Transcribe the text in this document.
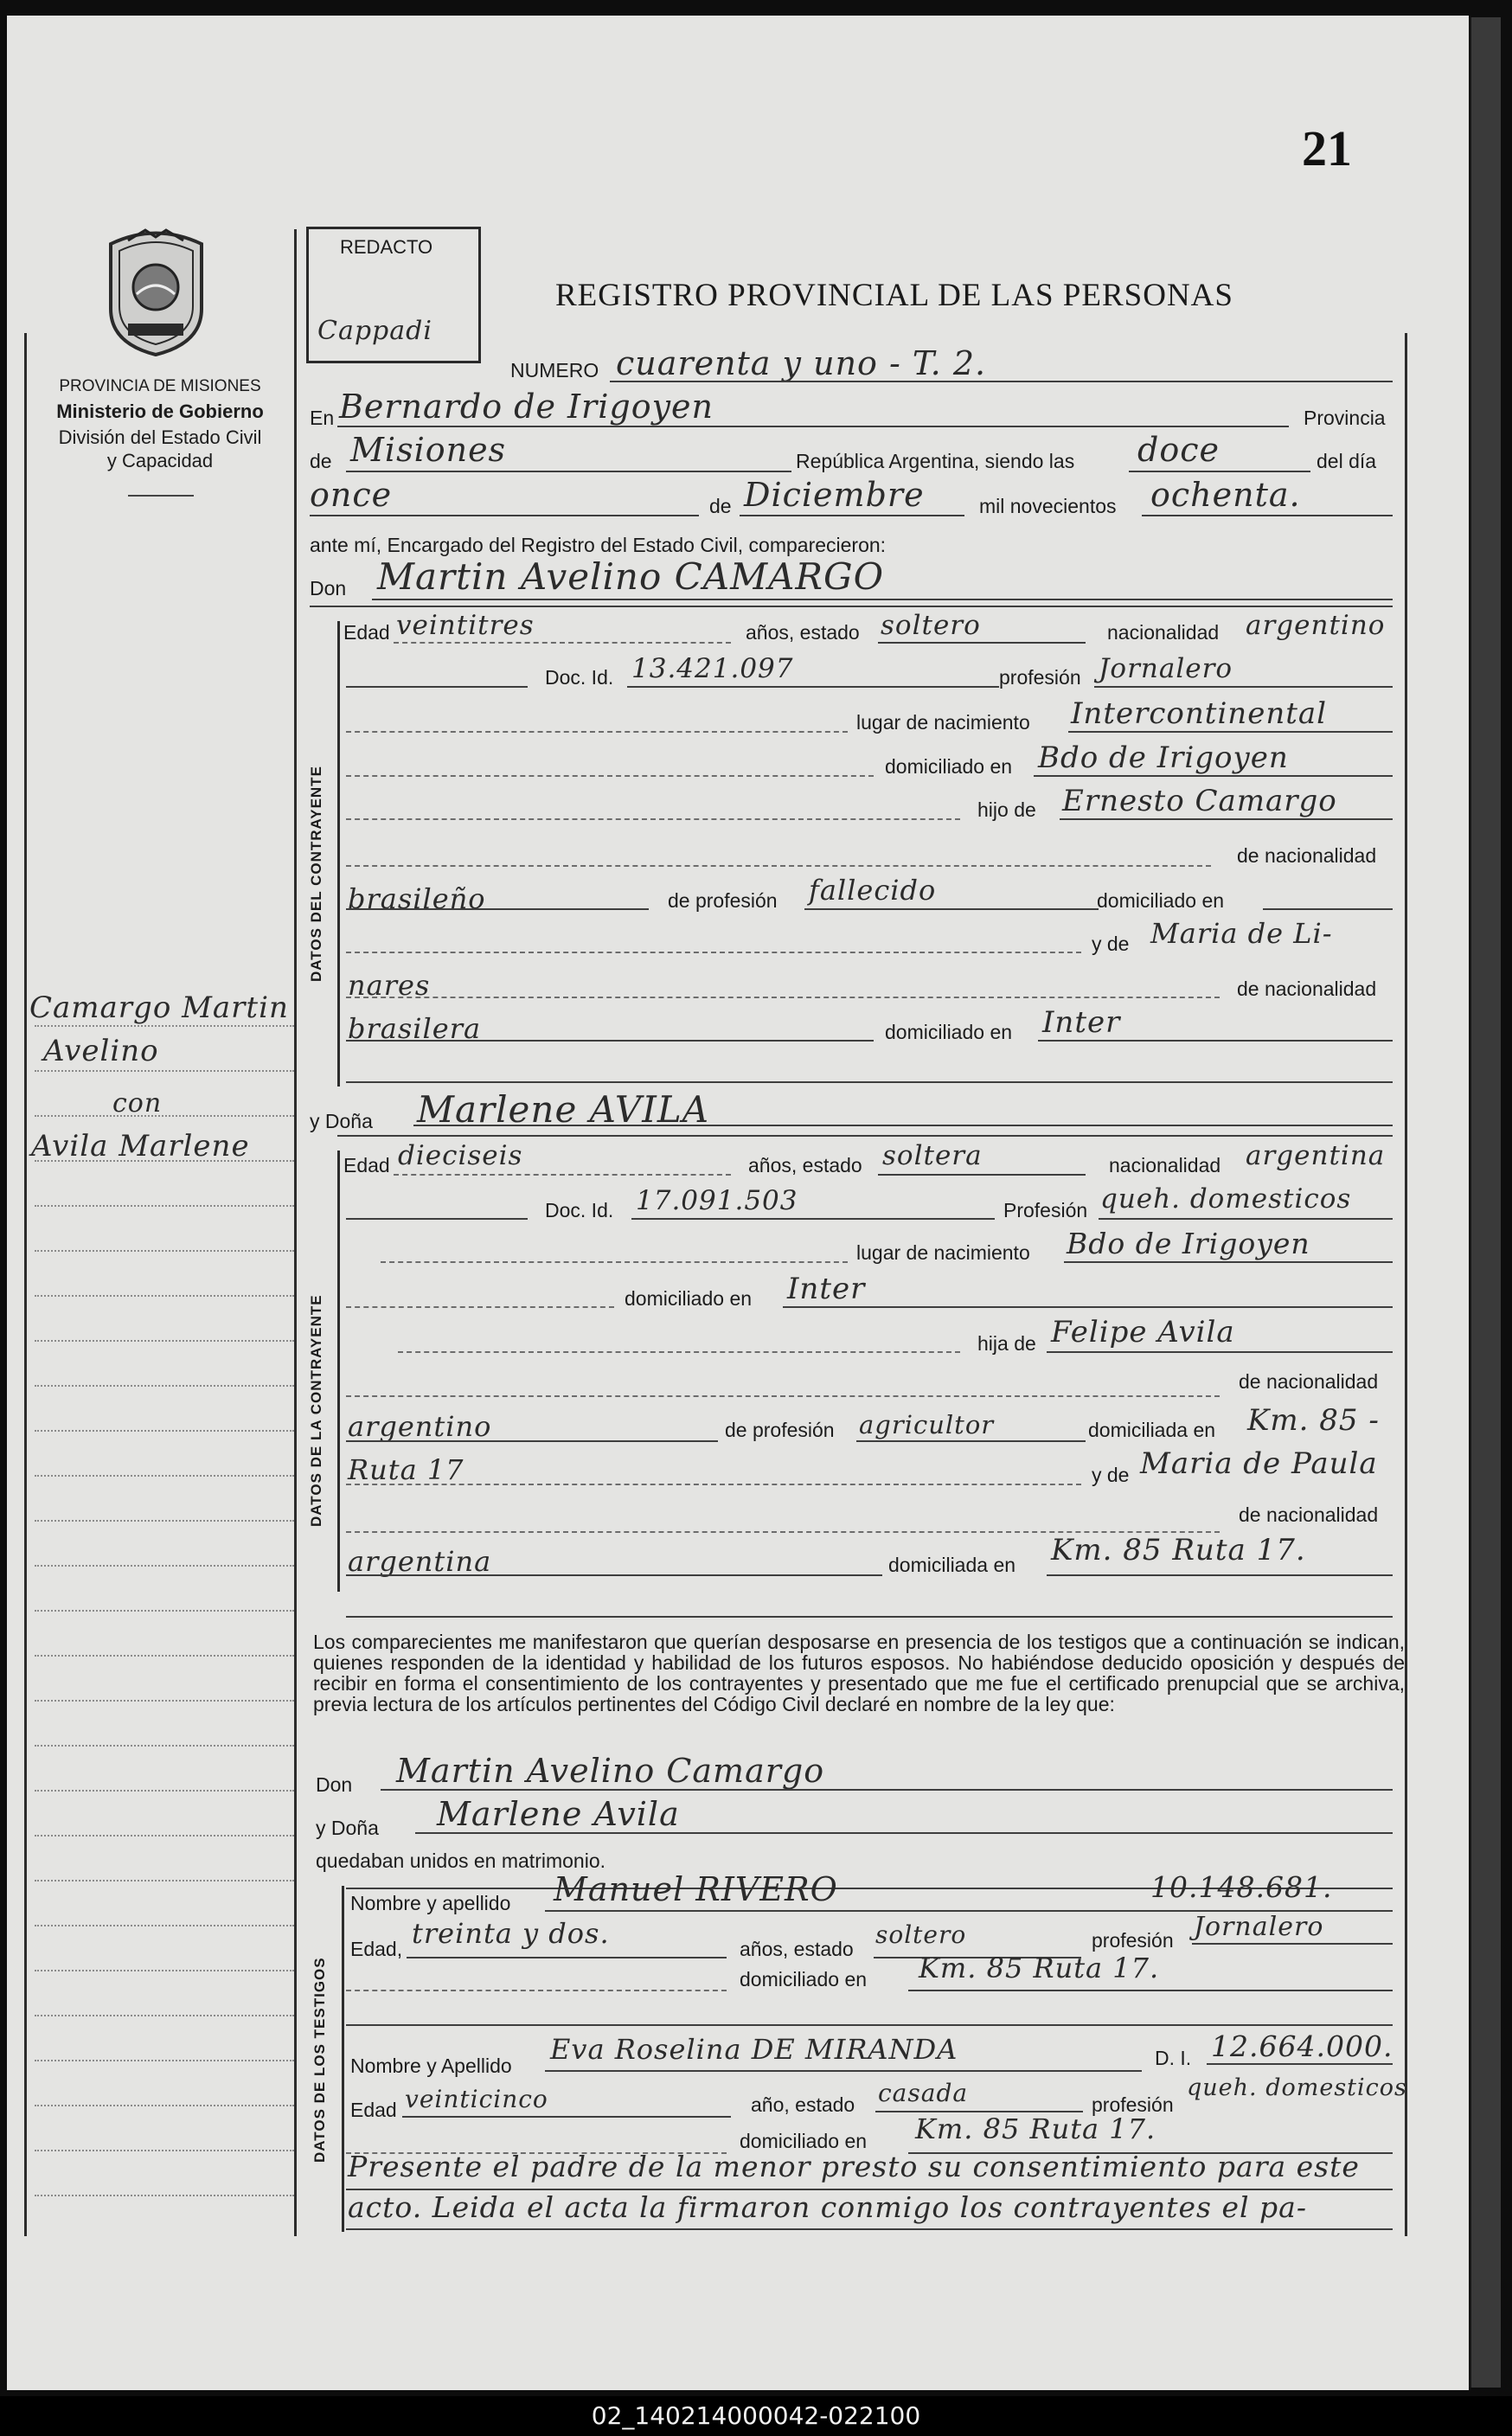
21
PROVINCIA DE MISIONES
Ministerio de Gobierno
División del Estado Civil
y Capacidad
Camargo Martin
Avelino
con
Avila Marlene
REDACTO
Cappadi
REGISTRO PROVINCIAL DE LAS PERSONAS
NUMERO cuarenta y uno - T. 2.
En Bernardo de Irigoyen	Provincia
de Misiones	República Argentina, siendo las doce	del día
once	de Diciembre	mil novecientos ochenta.
ante mí, Encargado del Registro del Estado Civil, comparecieron:
Don Martin Avelino CAMARGO
DATOS DEL CONTRAYENTE
Edad veintitres	años, estado soltero	nacionalidad argentino
Doc. Id. 13.421.097	profesión Jornalero
lugar de nacimiento Intercontinental
domiciliado en Bdo de Irigoyen
hijo de Ernesto Camargo
de nacionalidad
brasileño	de profesión fallecido	domiciliado en
y de Maria de Li-
nares	de nacionalidad
brasilera	domiciliado en Inter
y Doña Marlene AVILA
DATOS DE LA CONTRAYENTE
Edad dieciseis	años, estado soltera	nacionalidad argentina
Doc. Id. 17.091.503	Profesión queh. domesticos
lugar de nacimiento Bdo de Irigoyen
domiciliado en Inter
hija de Felipe Avila
de nacionalidad
argentino	de profesión agricultor	domiciliada en Km. 85 -
Ruta 17	y de Maria de Paula
de nacionalidad
argentina	domiciliada en Km. 85 Ruta 17.
Los comparecientes me manifestaron que querían desposarse en presencia de los testigos que a continuación se indican, quienes responden de la identidad y habilidad de los futuros esposos. No habiéndose deducido oposición y después de recibir en forma el consentimiento de los contrayentes y presentado que me fue el certificado prenupcial que se archiva, previa lectura de los artículos pertinentes del Código Civil declaré en nombre de la ley que:
Don Martin Avelino Camargo
y Doña Marlene Avila
quedaban unidos en matrimonio.
DATOS DE LOS TESTIGOS
Nombre y apellido Manuel RIVERO	10.148.681.
Edad, treinta y dos.	años, estado soltero	profesión Jornalero
domiciliado en Km. 85 Ruta 17.
Nombre y Apellido Eva Roselina DE MIRANDA	D. I. 12.664.000.
Edad veinticinco	año, estado casada	profesión
queh. domesticos
domiciliado en Km. 85 Ruta 17.
Presente el padre de la menor presto su consentimiento para este
acto. Leida el acta la firmaron conmigo los contrayentes el pa-
02_140214000042-022100
